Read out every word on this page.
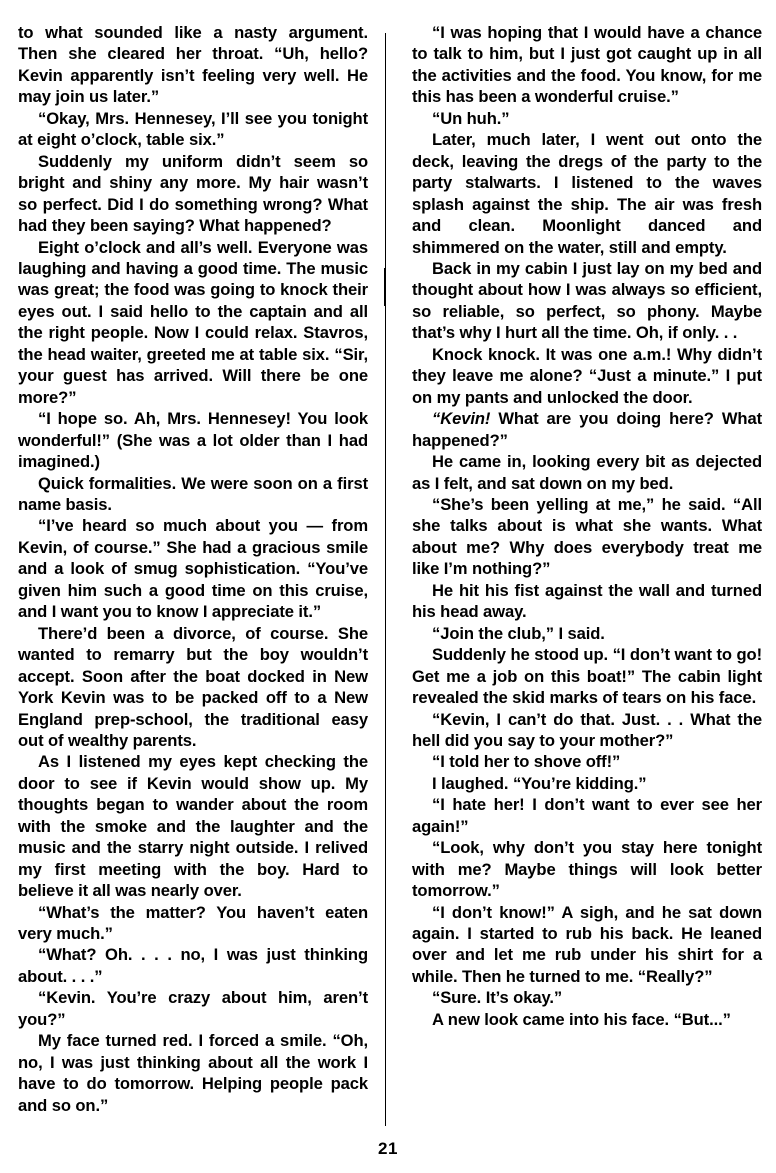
to what sounded like a nasty argument. Then she cleared her throat. “Uh, hello? Kevin apparently isn’t feeling very well. He may join us later.”

“Okay, Mrs. Hennesey, I’ll see you tonight at eight o’clock, table six.”

Suddenly my uniform didn’t seem so bright and shiny any more. My hair wasn’t so perfect. Did I do something wrong? What had they been saying? What happened?

Eight o’clock and all’s well. Everyone was laughing and having a good time. The music was great; the food was going to knock their eyes out. I said hello to the captain and all the right people. Now I could relax. Stavros, the head waiter, greeted me at table six. “Sir, your guest has arrived. Will there be one more?”

“I hope so. Ah, Mrs. Hennesey! You look wonderful!” (She was a lot older than I had imagined.)

Quick formalities. We were soon on a first name basis.

“I’ve heard so much about you — from Kevin, of course.” She had a gracious smile and a look of smug sophistication. “You’ve given him such a good time on this cruise, and I want you to know I appreciate it.”

There’d been a divorce, of course. She wanted to remarry but the boy wouldn’t accept. Soon after the boat docked in New York Kevin was to be packed off to a New England prep-school, the traditional easy out of wealthy parents.

As I listened my eyes kept checking the door to see if Kevin would show up. My thoughts began to wander about the room with the smoke and the laughter and the music and the starry night outside. I relived my first meeting with the boy. Hard to believe it all was nearly over.

“What’s the matter? You haven’t eaten very much.”

“What? Oh. . . . no, I was just thinking about. . . .”

“Kevin. You’re crazy about him, aren’t you?”

My face turned red. I forced a smile. “Oh, no, I was just thinking about all the work I have to do tomorrow. Helping people pack and so on.”

“I was hoping that I would have a chance to talk to him, but I just got caught up in all the activities and the food. You know, for me this has been a wonderful cruise.”

“Un huh.”

Later, much later, I went out onto the deck, leaving the dregs of the party to the party stalwarts. I listened to the waves splash against the ship. The air was fresh and clean. Moonlight danced and shimmered on the water, still and empty.

Back in my cabin I just lay on my bed and thought about how I was always so efficient, so reliable, so perfect, so phony. Maybe that’s why I hurt all the time. Oh, if only. . .

Knock knock. It was one a.m.! Why didn’t they leave me alone? “Just a minute.” I put on my pants and unlocked the door.

“Kevin! What are you doing here? What happened?”

He came in, looking every bit as dejected as I felt, and sat down on my bed.

“She’s been yelling at me,” he said. “All she talks about is what she wants. What about me? Why does everybody treat me like I’m nothing?”

He hit his fist against the wall and turned his head away.

“Join the club,” I said.

Suddenly he stood up. “I don’t want to go! Get me a job on this boat!” The cabin light revealed the skid marks of tears on his face.

“Kevin, I can’t do that. Just. . . What the hell did you say to your mother?”

“I told her to shove off!”

I laughed. “You’re kidding.”

“I hate her! I don’t want to ever see her again!”

“Look, why don’t you stay here tonight with me? Maybe things will look better tomorrow.”

“I don’t know!” A sigh, and he sat down again. I started to rub his back. He leaned over and let me rub under his shirt for a while. Then he turned to me. “Really?”

“Sure. It’s okay.”

A new look came into his face. “But...”

21
